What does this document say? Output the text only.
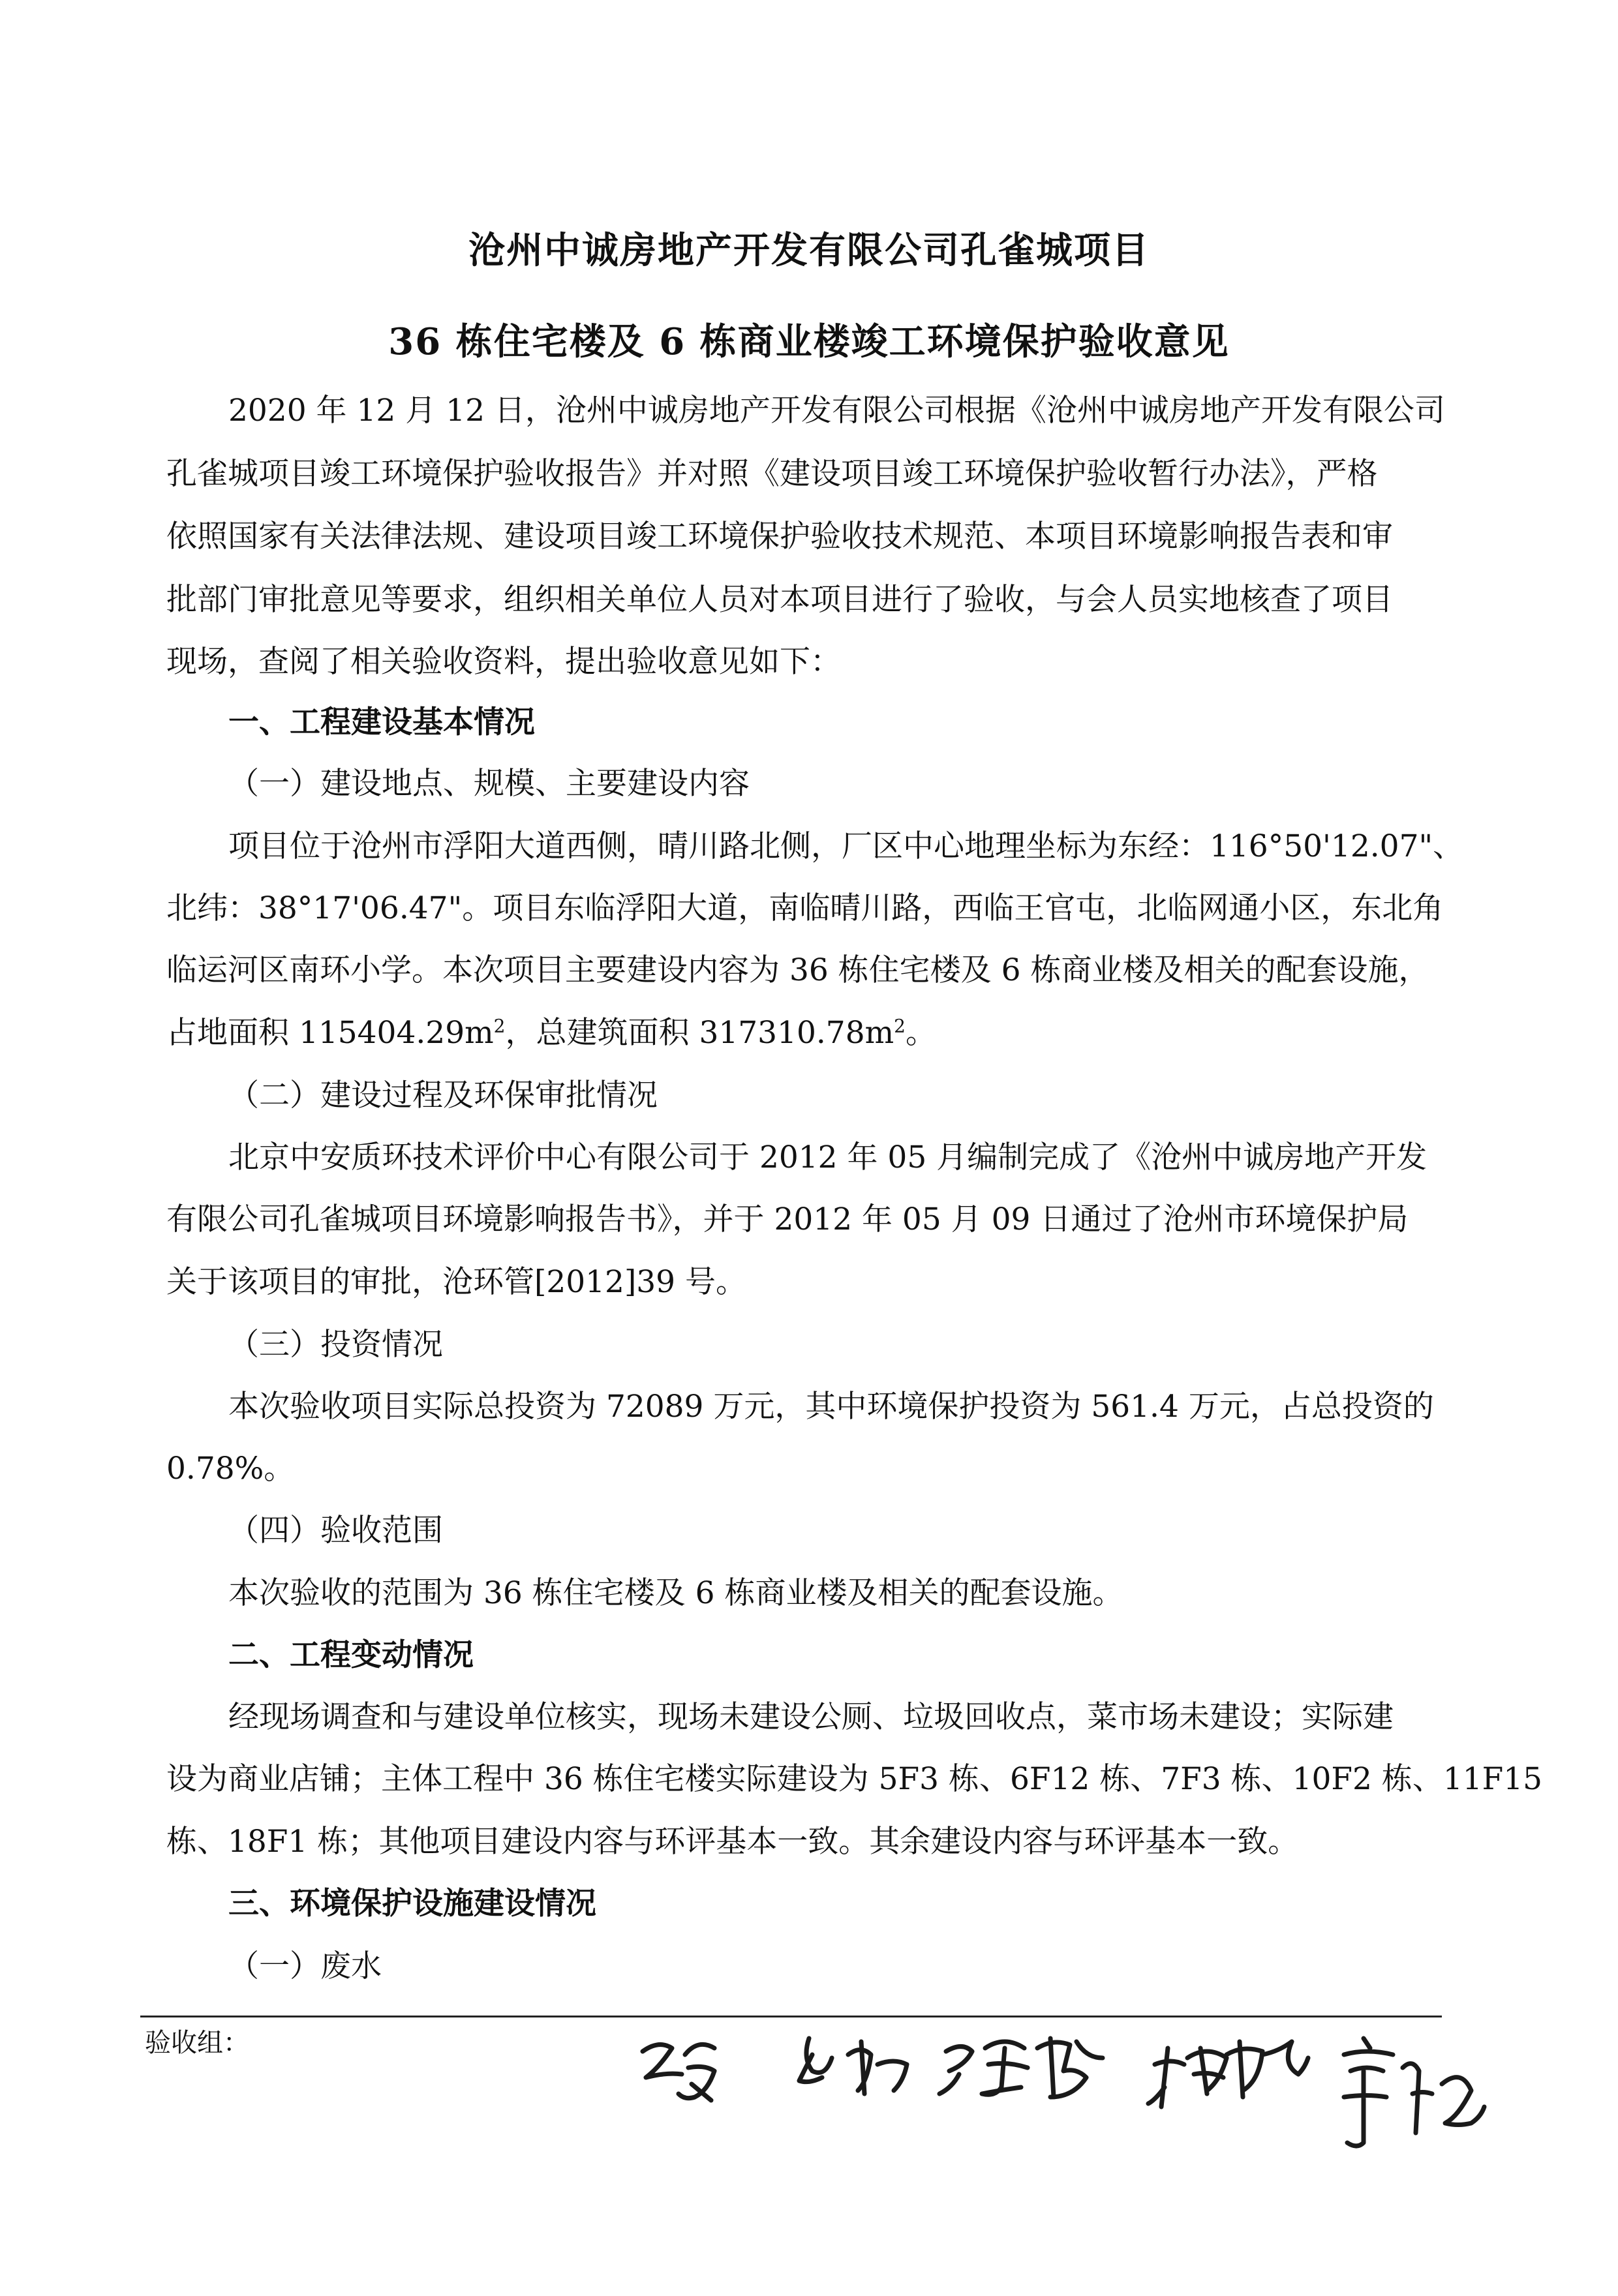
沧州中诚房地产开发有限公司孔雀城项目
36 栋住宅楼及 6 栋商业楼竣工环境保护验收意见
2020 年 12 月 12 日，沧州中诚房地产开发有限公司根据《沧州中诚房地产开发有限公司
孔雀城项目竣工环境保护验收报告》并对照《建设项目竣工环境保护验收暂行办法》，严格
依照国家有关法律法规、建设项目竣工环境保护验收技术规范、本项目环境影响报告表和审
批部门审批意见等要求，组织相关单位人员对本项目进行了验收，与会人员实地核查了项目
现场，查阅了相关验收资料，提出验收意见如下：
一、工程建设基本情况
（一）建设地点、规模、主要建设内容
项目位于沧州市浮阳大道西侧，晴川路北侧，厂区中心地理坐标为东经：116°50'12.07"、
北纬：38°17'06.47"。项目东临浮阳大道，南临晴川路，西临王官屯，北临网通小区，东北角
临运河区南环小学。本次项目主要建设内容为 36 栋住宅楼及 6 栋商业楼及相关的配套设施，
占地面积 $115404.29m^2$，总建筑面积 $317310.78m^2$。
（二）建设过程及环保审批情况
北京中安质环技术评价中心有限公司于 2012 年 05 月编制完成了《沧州中诚房地产开发
有限公司孔雀城项目环境影响报告书》，并于 2012 年 05 月 09 日通过了沧州市环境保护局
关于该项目的审批，沧环管[2012]39 号。
（三）投资情况
本次验收项目实际总投资为 72089 万元，其中环境保护投资为 561.4 万元，占总投资的
0.78%。
（四）验收范围
本次验收的范围为 36 栋住宅楼及 6 栋商业楼及相关的配套设施。
二、工程变动情况
经现场调查和与建设单位核实，现场未建设公厕、垃圾回收点，菜市场未建设；实际建
设为商业店铺；主体工程中 36 栋住宅楼实际建设为 5F3 栋、6F12 栋、7F3 栋、10F2 栋、11F15
栋、18F1 栋；其他项目建设内容与环评基本一致。其余建设内容与环评基本一致。
三、环境保护设施建设情况
（一）废水
验收组：
